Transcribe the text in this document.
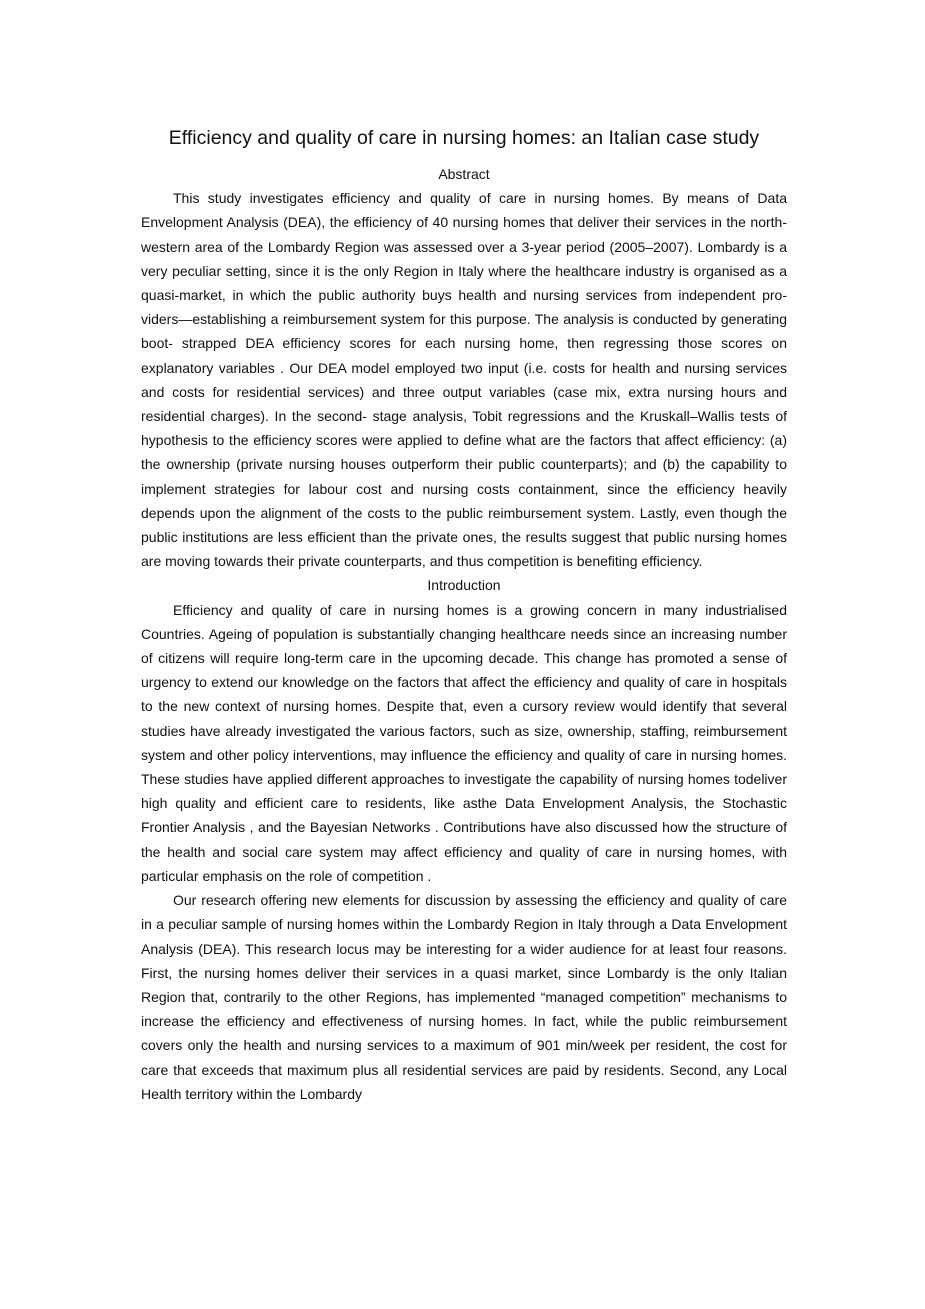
Efficiency and quality of care in nursing homes: an Italian case study
Abstract

This study investigates efficiency and quality of care in nursing homes. By means of Data Envelopment Analysis (DEA), the efficiency of 40 nursing homes that deliver their services in the north-western area of the Lombardy Region was assessed over a 3-year period (2005–2007). Lombardy is a very peculiar setting, since it is the only Region in Italy where the healthcare industry is organised as a quasi-market, in which the public authority buys health and nursing services from independent pro- viders—establishing a reimbursement system for this purpose. The analysis is conducted by generating boot- strapped DEA efficiency scores for each nursing home, then regressing those scores on explanatory variables . Our DEA model employed two input (i.e. costs for health and nursing services and costs for residential services) and three output variables (case mix, extra nursing hours and residential charges). In the second- stage analysis, Tobit regressions and the Kruskall–Wallis tests of hypothesis to the efficiency scores were applied to define what are the factors that affect efficiency: (a) the ownership (private nursing houses outperform their public counterparts); and (b) the capability to implement strategies for labour cost and nursing costs containment, since the efficiency heavily depends upon the alignment of the costs to the public reimbursement system. Lastly, even though the public institutions are less efficient than the private ones, the results suggest that public nursing homes are moving towards their private counterparts, and thus competition is benefiting efficiency.

Introduction

Efficiency and quality of care in nursing homes is a growing concern in many industrialised Countries. Ageing of population is substantially changing healthcare needs since an increasing number of citizens will require long-term care in the upcoming decade. This change has promoted a sense of urgency to extend our knowledge on the factors that affect the efficiency and quality of care in hospitals to the new context of nursing homes. Despite that, even a cursory review would identify that several studies have already investigated the various factors, such as size, ownership, staffing, reimbursement system and other policy interventions, may influence the efficiency and quality of care in nursing homes. These studies have applied different approaches to investigate the capability of nursing homes todeliver high quality and efficient care to residents, like asthe Data Envelopment Analysis, the Stochastic Frontier Analysis , and the Bayesian Networks . Contributions have also discussed how the structure of the health and social care system may affect efficiency and quality of care in nursing homes, with particular emphasis on the role of competition .

Our research offering new elements for discussion by assessing the efficiency and quality of care in a peculiar sample of nursing homes within the Lombardy Region in Italy through a Data Envelopment Analysis (DEA). This research locus may be interesting for a wider audience for at least four reasons. First, the nursing homes deliver their services in a quasi market, since Lombardy is the only Italian Region that, contrarily to the other Regions, has implemented “managed competition” mechanisms to increase the efficiency and effectiveness of nursing homes. In fact, while the public reimbursement covers only the health and nursing services to a maximum of 901 min/week per resident, the cost for care that exceeds that maximum plus all residential services are paid by residents. Second, any Local Health territory within the Lombardy
